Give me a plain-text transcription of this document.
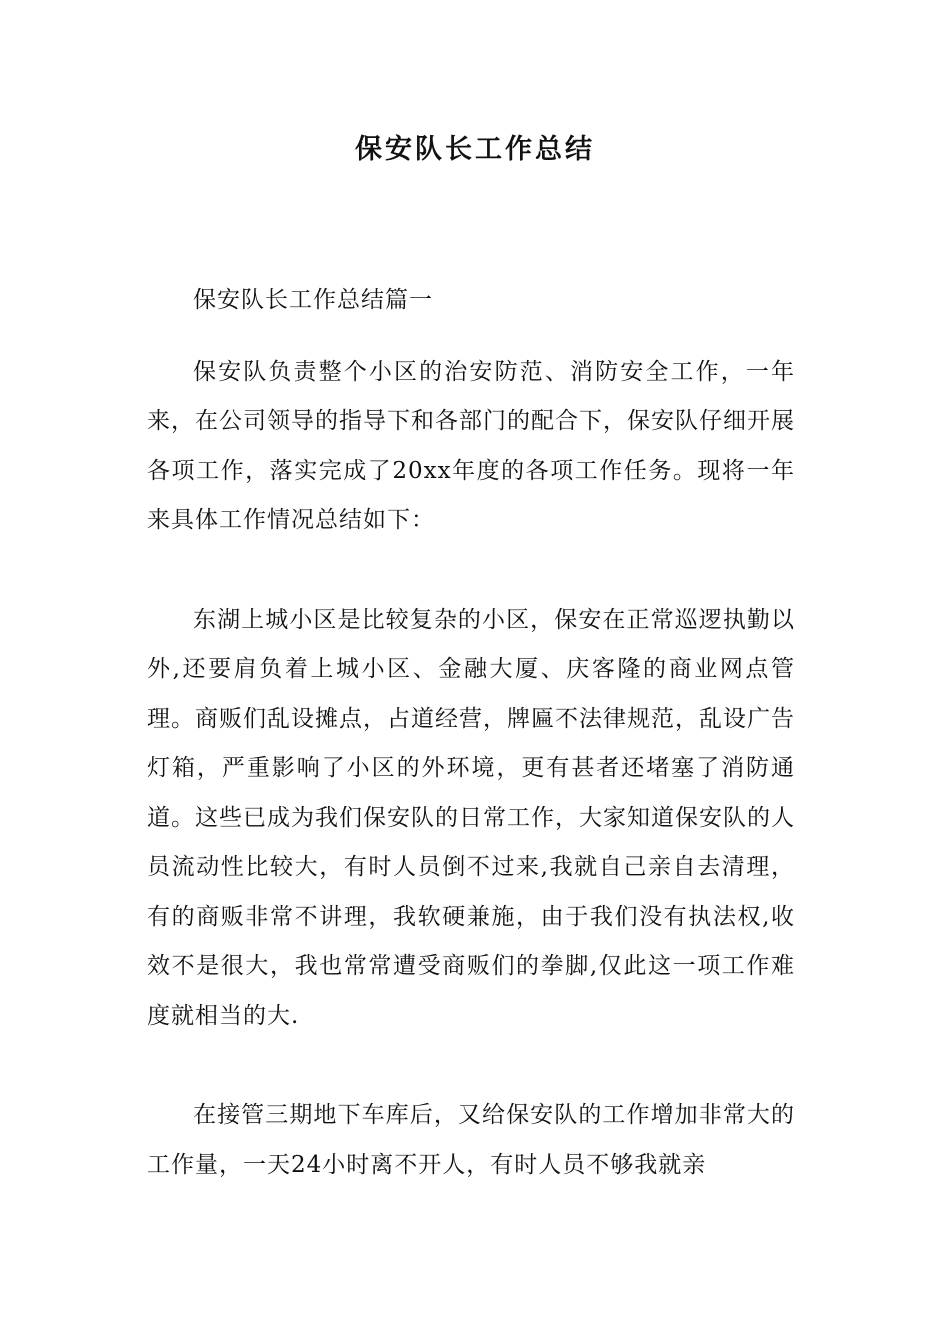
保安队长工作总结

保安队长工作总结篇一

保安队负责整个小区的治安防范、消防安全工作，一年来，在公司领导的指导下和各部门的配合下，保安队仔细开展各项工作，落实完成了20xx年度的各项工作任务。现将一年来具体工作情况总结如下：

东湖上城小区是比较复杂的小区，保安在正常巡逻执勤以外,还要肩负着上城小区、金融大厦、庆客隆的商业网点管理。商贩们乱设摊点，占道经营，牌匾不法律规范，乱设广告灯箱，严重影响了小区的外环境，更有甚者还堵塞了消防通道。这些已成为我们保安队的日常工作，大家知道保安队的人员流动性比较大，有时人员倒不过来,我就自己亲自去清理，有的商贩非常不讲理，我软硬兼施，由于我们没有执法权,收效不是很大，我也常常遭受商贩们的拳脚,仅此这一项工作难度就相当的大.

在接管三期地下车库后，又给保安队的工作增加非常大的工作量，一天24小时离不开人，有时人员不够我就亲
